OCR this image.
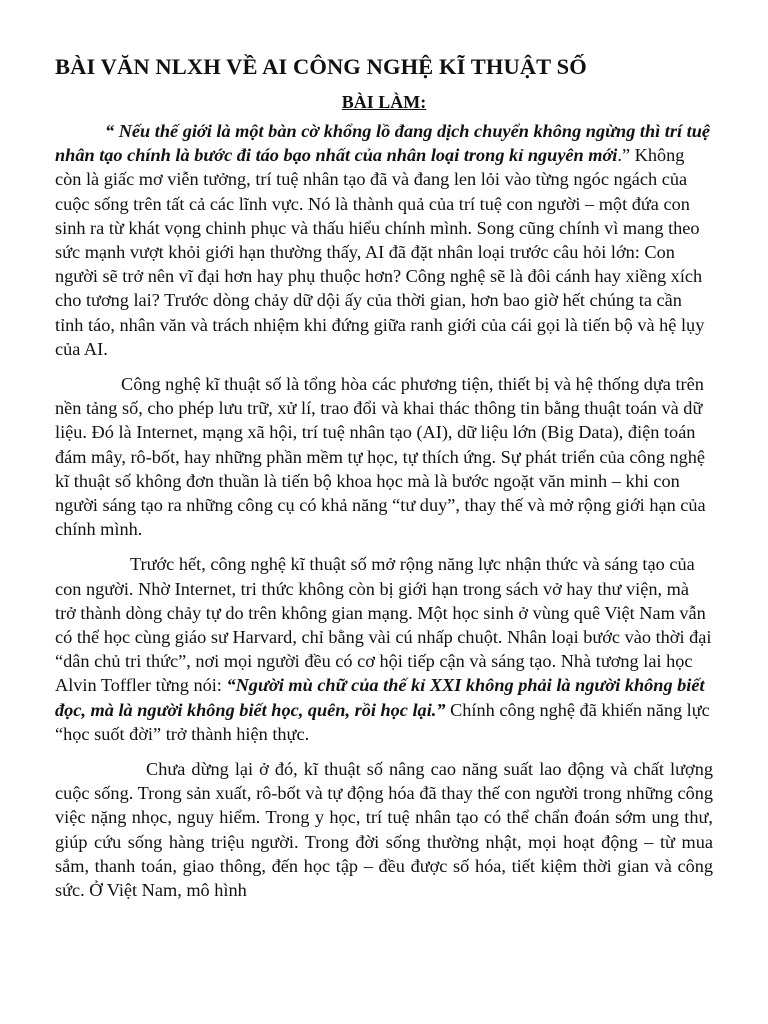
BÀI VĂN NLXH VỀ AI CÔNG NGHỆ KĨ THUẬT SỐ
BÀI LÀM:

“ Nếu thế giới là một bàn cờ khổng lồ đang dịch chuyển không ngừng thì trí tuệ nhân tạo chính là bước đi táo bạo nhất của nhân loại trong kỉ nguyên mới.” Không còn là giấc mơ viễn tưởng, trí tuệ nhân tạo đã và đang len lỏi vào từng ngóc ngách của cuộc sống trên tất cả các lĩnh vực. Nó là thành quả của trí tuệ con người – một đứa con sinh ra từ khát vọng chinh phục và thấu hiểu chính mình. Song cũng chính vì mang theo sức mạnh vượt khỏi giới hạn thường thấy, AI đã đặt nhân loại trước câu hỏi lớn: Con người sẽ trở nên vĩ đại hơn hay phụ thuộc hơn? Công nghệ sẽ là đôi cánh hay xiềng xích cho tương lai? Trước dòng chảy dữ dội ấy của thời gian, hơn bao giờ hết chúng ta cần tỉnh táo, nhân văn và trách nhiệm khi đứng giữa ranh giới của cái gọi là tiến bộ và hệ lụy của AI.

Công nghệ kĩ thuật số là tổng hòa các phương tiện, thiết bị và hệ thống dựa trên nền tảng số, cho phép lưu trữ, xử lí, trao đổi và khai thác thông tin bằng thuật toán và dữ liệu. Đó là Internet, mạng xã hội, trí tuệ nhân tạo (AI), dữ liệu lớn (Big Data), điện toán đám mây, rô-bốt, hay những phần mềm tự học, tự thích ứng. Sự phát triển của công nghệ kĩ thuật số không đơn thuần là tiến bộ khoa học mà là bước ngoặt văn minh – khi con người sáng tạo ra những công cụ có khả năng “tư duy”, thay thế và mở rộng giới hạn của chính mình.

Trước hết, công nghệ kĩ thuật số mở rộng năng lực nhận thức và sáng tạo của con người. Nhờ Internet, tri thức không còn bị giới hạn trong sách vở hay thư viện, mà trở thành dòng chảy tự do trên không gian mạng. Một học sinh ở vùng quê Việt Nam vẫn có thể học cùng giáo sư Harvard, chỉ bằng vài cú nhấp chuột. Nhân loại bước vào thời đại “dân chủ tri thức”, nơi mọi người đều có cơ hội tiếp cận và sáng tạo. Nhà tương lai học Alvin Toffler từng nói: “Người mù chữ của thế kỉ XXI không phải là người không biết đọc, mà là người không biết học, quên, rồi học lại.” Chính công nghệ đã khiến năng lực “học suốt đời” trở thành hiện thực.

Chưa dừng lại ở đó, kĩ thuật số nâng cao năng suất lao động và chất lượng cuộc sống. Trong sản xuất, rô-bốt và tự động hóa đã thay thế con người trong những công việc nặng nhọc, nguy hiểm. Trong y học, trí tuệ nhân tạo có thể chẩn đoán sớm ung thư, giúp cứu sống hàng triệu người. Trong đời sống thường nhật, mọi hoạt động – từ mua sắm, thanh toán, giao thông, đến học tập – đều được số hóa, tiết kiệm thời gian và công sức. Ở Việt Nam, mô hình
